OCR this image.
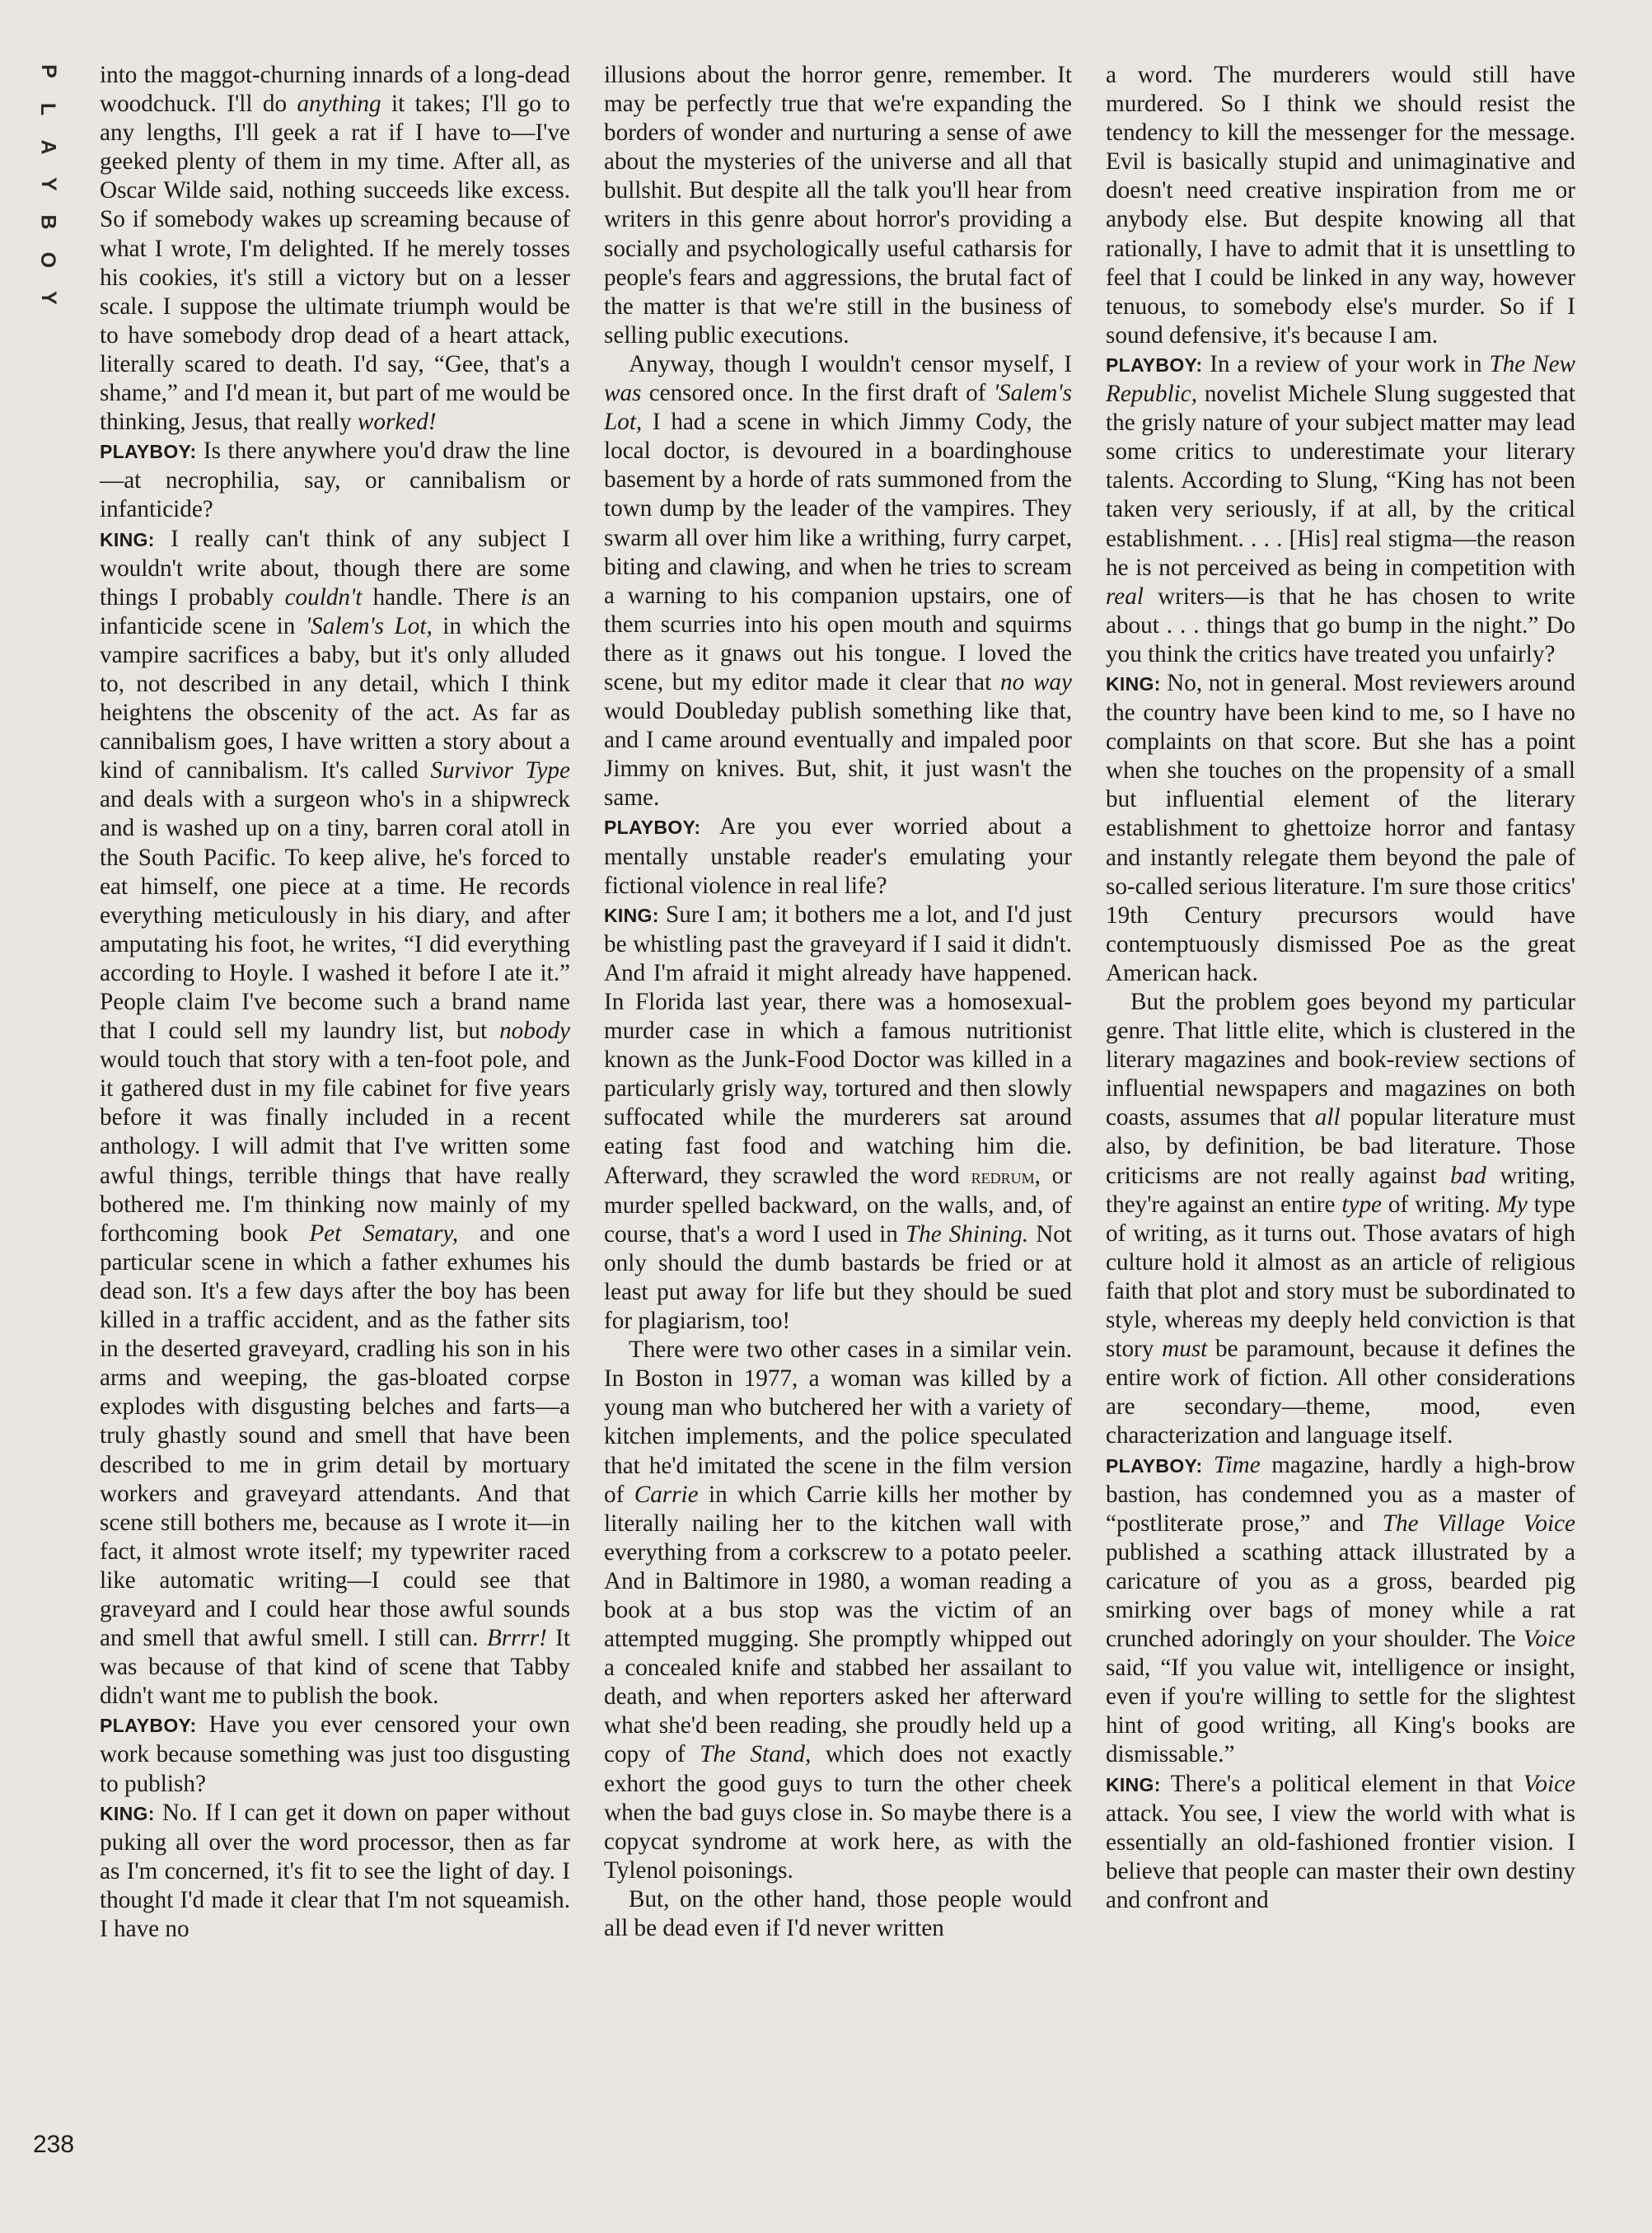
P
L
A
Y
B
O
Y

into the maggot-churning innards of a long-dead woodchuck. I'll do anything it takes; I'll go to any lengths, I'll geek a rat if I have to—I've geeked plenty of them in my time. After all, as Oscar Wilde said, nothing succeeds like excess. So if somebody wakes up screaming because of what I wrote, I'm delighted. If he merely tosses his cookies, it's still a victory but on a lesser scale. I suppose the ultimate triumph would be to have somebody drop dead of a heart attack, literally scared to death. I'd say, “Gee, that's a shame,” and I'd mean it, but part of me would be thinking, Jesus, that really worked!

PLAYBOY: Is there anywhere you'd draw the line—at necrophilia, say, or cannibalism or infanticide?

KING: I really can't think of any subject I wouldn't write about, though there are some things I probably couldn't handle. There is an infanticide scene in 'Salem's Lot, in which the vampire sacrifices a baby, but it's only alluded to, not described in any detail, which I think heightens the obscenity of the act. As far as cannibalism goes, I have written a story about a kind of cannibalism. It's called Survivor Type and deals with a surgeon who's in a shipwreck and is washed up on a tiny, barren coral atoll in the South Pacific. To keep alive, he's forced to eat himself, one piece at a time. He records everything meticulously in his diary, and after amputating his foot, he writes, “I did everything according to Hoyle. I washed it before I ate it.” People claim I've become such a brand name that I could sell my laundry list, but nobody would touch that story with a ten-foot pole, and it gathered dust in my file cabinet for five years before it was finally included in a recent anthology. I will admit that I've written some awful things, terrible things that have really bothered me. I'm thinking now mainly of my forthcoming book Pet Sematary, and one particular scene in which a father exhumes his dead son. It's a few days after the boy has been killed in a traffic accident, and as the father sits in the deserted graveyard, cradling his son in his arms and weeping, the gas-bloated corpse explodes with disgusting belches and farts—a truly ghastly sound and smell that have been described to me in grim detail by mortuary workers and graveyard attendants. And that scene still bothers me, because as I wrote it—in fact, it almost wrote itself; my typewriter raced like automatic writing—I could see that graveyard and I could hear those awful sounds and smell that awful smell. I still can. Brrrr! It was because of that kind of scene that Tabby didn't want me to publish the book.

PLAYBOY: Have you ever censored your own work because something was just too disgusting to publish?

KING: No. If I can get it down on paper without puking all over the word processor, then as far as I'm concerned, it's fit to see the light of day. I thought I'd made it clear that I'm not squeamish. I have no

illusions about the horror genre, remember. It may be perfectly true that we're expanding the borders of wonder and nurturing a sense of awe about the mysteries of the universe and all that bullshit. But despite all the talk you'll hear from writers in this genre about horror's providing a socially and psychologically useful catharsis for people's fears and aggressions, the brutal fact of the matter is that we're still in the business of selling public executions.

Anyway, though I wouldn't censor myself, I was censored once. In the first draft of 'Salem's Lot, I had a scene in which Jimmy Cody, the local doctor, is devoured in a boardinghouse basement by a horde of rats summoned from the town dump by the leader of the vampires. They swarm all over him like a writhing, furry carpet, biting and clawing, and when he tries to scream a warning to his companion upstairs, one of them scurries into his open mouth and squirms there as it gnaws out his tongue. I loved the scene, but my editor made it clear that no way would Doubleday publish something like that, and I came around eventually and impaled poor Jimmy on knives. But, shit, it just wasn't the same.

PLAYBOY: Are you ever worried about a mentally unstable reader's emulating your fictional violence in real life?

KING: Sure I am; it bothers me a lot, and I'd just be whistling past the graveyard if I said it didn't. And I'm afraid it might already have happened. In Florida last year, there was a homosexual-murder case in which a famous nutritionist known as the Junk-Food Doctor was killed in a particularly grisly way, tortured and then slowly suffocated while the murderers sat around eating fast food and watching him die. Afterward, they scrawled the word redrum, or murder spelled backward, on the walls, and, of course, that's a word I used in The Shining. Not only should the dumb bastards be fried or at least put away for life but they should be sued for plagiarism, too!

There were two other cases in a similar vein. In Boston in 1977, a woman was killed by a young man who butchered her with a variety of kitchen implements, and the police speculated that he'd imitated the scene in the film version of Carrie in which Carrie kills her mother by literally nailing her to the kitchen wall with everything from a corkscrew to a potato peeler. And in Baltimore in 1980, a woman reading a book at a bus stop was the victim of an attempted mugging. She promptly whipped out a concealed knife and stabbed her assailant to death, and when reporters asked her afterward what she'd been reading, she proudly held up a copy of The Stand, which does not exactly exhort the good guys to turn the other cheek when the bad guys close in. So maybe there is a copycat syndrome at work here, as with the Tylenol poisonings.

But, on the other hand, those people would all be dead even if I'd never written

a word. The murderers would still have murdered. So I think we should resist the tendency to kill the messenger for the message. Evil is basically stupid and unimaginative and doesn't need creative inspiration from me or anybody else. But despite knowing all that rationally, I have to admit that it is unsettling to feel that I could be linked in any way, however tenuous, to somebody else's murder. So if I sound defensive, it's because I am.

PLAYBOY: In a review of your work in The New Republic, novelist Michele Slung suggested that the grisly nature of your subject matter may lead some critics to underestimate your literary talents. According to Slung, “King has not been taken very seriously, if at all, by the critical establishment. . . . [His] real stigma—the reason he is not perceived as being in competition with real writers—is that he has chosen to write about . . . things that go bump in the night.” Do you think the critics have treated you unfairly?

KING: No, not in general. Most reviewers around the country have been kind to me, so I have no complaints on that score. But she has a point when she touches on the propensity of a small but influential element of the literary establishment to ghettoize horror and fantasy and instantly relegate them beyond the pale of so-called serious literature. I'm sure those critics' 19th Century precursors would have contemptuously dismissed Poe as the great American hack.

But the problem goes beyond my particular genre. That little elite, which is clustered in the literary magazines and book-review sections of influential newspapers and magazines on both coasts, assumes that all popular literature must also, by definition, be bad literature. Those criticisms are not really against bad writing, they're against an entire type of writing. My type of writing, as it turns out. Those avatars of high culture hold it almost as an article of religious faith that plot and story must be subordinated to style, whereas my deeply held conviction is that story must be paramount, because it defines the entire work of fiction. All other considerations are secondary—theme, mood, even characterization and language itself.

PLAYBOY: Time magazine, hardly a high-brow bastion, has condemned you as a master of “postliterate prose,” and The Village Voice published a scathing attack illustrated by a caricature of you as a gross, bearded pig smirking over bags of money while a rat crunched adoringly on your shoulder. The Voice said, “If you value wit, intelligence or insight, even if you're willing to settle for the slightest hint of good writing, all King's books are dismissable.”

KING: There's a political element in that Voice attack. You see, I view the world with what is essentially an old-fashioned frontier vision. I believe that people can master their own destiny and confront and

238
